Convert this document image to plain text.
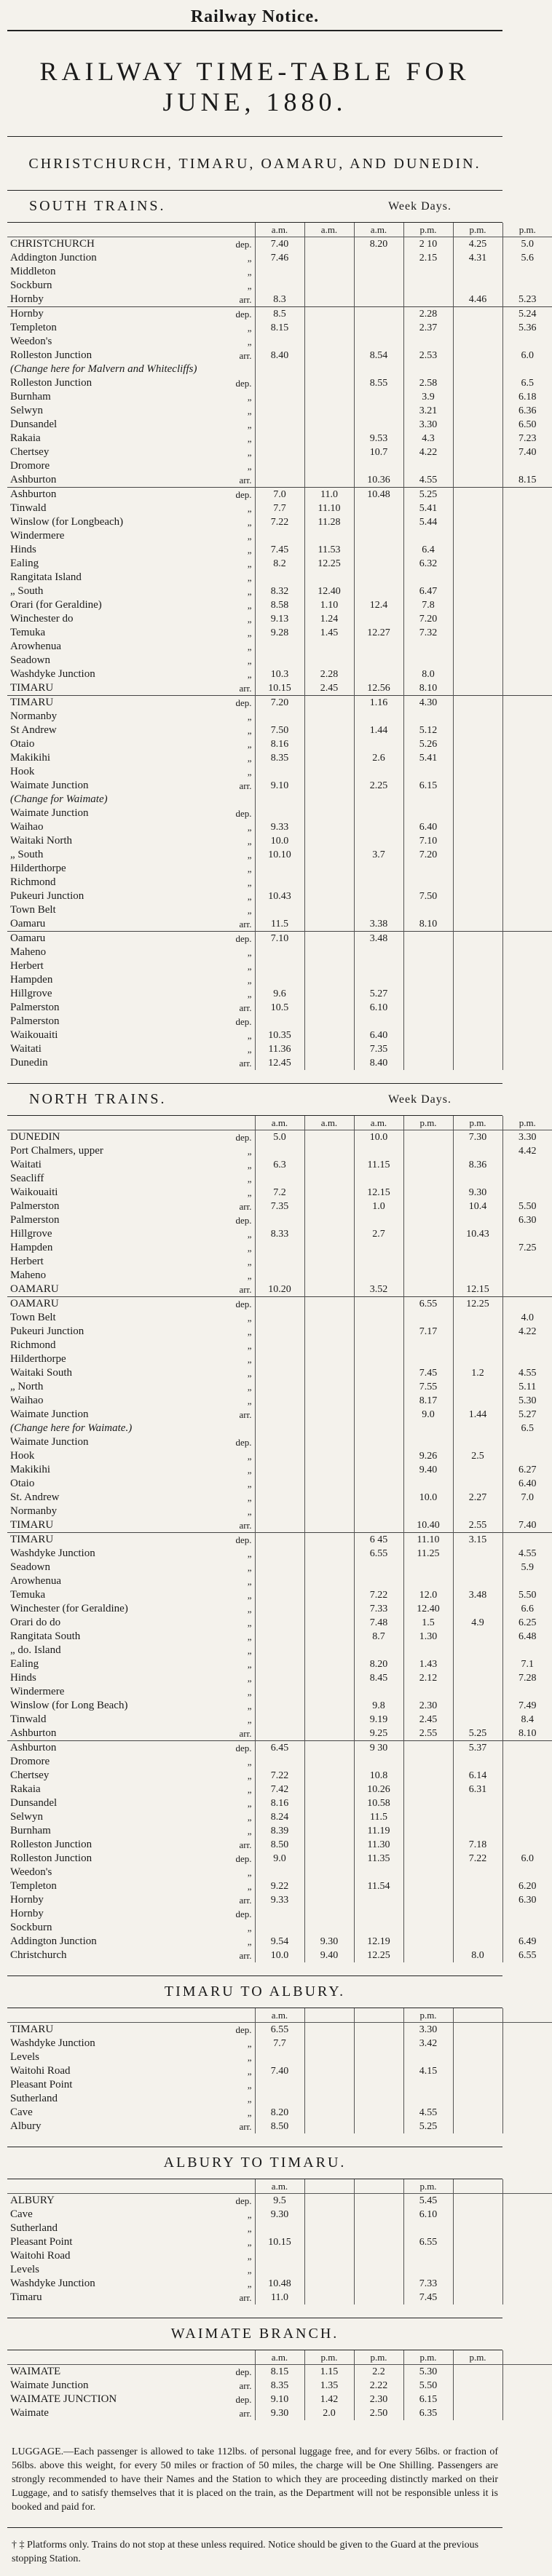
Railway Notice.
RAILWAY TIME-TABLE FOR JUNE, 1880.
CHRISTCHURCH, TIMARU, OAMARU, AND DUNEDIN.
SOUTH TRAINS.	Week Days.
		a.m.	a.m.	a.m.	p.m.	p.m.	p.m.
CHRISTCHURCH	dep.	7.40		8.20	2 10	4.25	5.0
Addington Junction	„	7.46			2.15	4.31	5.6
Middleton	„						
Sockburn	„						
Hornby	arr.	8.3				4.46	5.23
Hornby	dep.	8.5			2.28		5.24
Templeton	„	8.15			2.37		5.36
Weedon's	„						
Rolleston Junction	arr.	8.40		8.54	2.53		6.0
(Change here for Malvern and Whitecliffs)							
Rolleston Junction	dep.			8.55	2.58		6.5
Burnham	„				3.9		6.18
Selwyn	„				3.21		6.36
Dunsandel	„				3.30		6.50
Rakaia	„			9.53	4.3		7.23
Chertsey	„			10.7	4.22		7.40
Dromore	„						
Ashburton	arr.			10.36	4.55		8.15
Ashburton	dep.	7.0	11.0	10.48	5.25		
Tinwald	„	7.7	11.10		5.41		
Winslow (for Longbeach)	„	7.22	11.28		5.44		
Windermere	„						
Hinds	„	7.45	11.53		6.4		
Ealing	„	8.2	12.25		6.32		
Rangitata Island	„						
„ South	„	8.32	12.40		6.47		
Orari (for Geraldine)	„	8.58	1.10	12.4	7.8		
Winchester do	„	9.13	1.24		7.20		
Temuka	„	9.28	1.45	12.27	7.32		
Arowhenua	„						
Seadown	„						
Washdyke Junction	„	10.3	2.28		8.0		
TIMARU	arr.	10.15	2.45	12.56	8.10		
TIMARU	dep.	7.20		1.16	4.30		
Normanby	„						
St Andrew	„	7.50		1.44	5.12		
Otaio	„	8.16			5.26		
Makikihi	„	8.35		2.6	5.41		
Hook	„						
Waimate Junction	arr.	9.10		2.25	6.15		
(Change for Waimate)							
Waimate Junction	dep.						
Waihao	„	9.33			6.40		
Waitaki North	„	10.0			7.10		
„ South	„	10.10		3.7	7.20		
Hilderthorpe	„						
Richmond	„						
Pukeuri Junction	„	10.43			7.50		
Town Belt	„						
Oamaru	arr.	11.5		3.38	8.10		
Oamaru	dep.	7.10		3.48			
Maheno	„						
Herbert	„						
Hampden	„						
Hillgrove	„	9.6		5.27			
Palmerston	arr.	10.5		6.10			
Palmerston	dep.						
Waikouaiti	„	10.35		6.40			
Waitati	„	11.36		7.35			
Dunedin	arr.	12.45		8.40			
NORTH TRAINS.	Week Days.
		a.m.	a.m.	a.m.	p.m.	p.m.	p.m.
DUNEDIN	dep.	5.0		10.0		7.30	3.30
Port Chalmers, upper	„						4.42
Waitati	„	6.3		11.15		8.36	
Seacliff	„						
Waikouaiti	„	7.2		12.15		9.30	
Palmerston	arr.	7.35		1.0		10.4	5.50
Palmerston	dep.						6.30
Hillgrove	„	8.33		2.7		10.43	
Hampden	„						7.25
Herbert	„						
Maheno	„						
OAMARU	arr.	10.20		3.52		12.15	
OAMARU	dep.				6.55	12.25	
Town Belt	„						4.0
Pukeuri Junction	„				7.17		4.22
Richmond	„						
Hilderthorpe	„						
Waitaki South	„				7.45	1.2	4.55
„ North	„				7.55		5.11
Waihao	„				8.17		5.30
Waimate Junction	arr.				9.0	1.44	5.27
(Change here for Waimate.)							6.5
Waimate Junction	dep.						
Hook	„				9.26	2.5	
Makikihi	„				9.40		6.27
Otaio	„						6.40
St. Andrew	„				10.0	2.27	7.0
Normanby	„						
TIMARU	arr.				10.40	2.55	7.40
TIMARU	dep.			6 45	11.10	3.15	
Washdyke Junction	„			6.55	11.25		4.55
Seadown	„						5.9
Arowhenua	„						
Temuka	„			7.22	12.0	3.48	5.50
Winchester (for Geraldine)	„			7.33	12.40		6.6
Orari do do	„			7.48	1.5	4.9	6.25
Rangitata South	„			8.7	1.30		6.48
„ do. Island	„						
Ealing	„			8.20	1.43		7.1
Hinds	„			8.45	2.12		7.28
Windermere	„						
Winslow (for Long Beach)	„			9.8	2.30		7.49
Tinwald	„			9.19	2.45		8.4
Ashburton	arr.			9.25	2.55	5.25	8.10
Ashburton	dep.	6.45		9 30		5.37	
Dromore	„						
Chertsey	„	7.22		10.8		6.14	
Rakaia	„	7.42		10.26		6.31	
Dunsandel	„	8.16		10.58			
Selwyn	„	8.24		11.5			
Burnham	„	8.39		11.19			
Rolleston Junction	arr.	8.50		11.30		7.18	
Rolleston Junction	dep.	9.0		11.35		7.22	6.0
Weedon's	„						
Templeton	„	9.22		11.54			6.20
Hornby	arr.	9.33					6.30
Hornby	dep.						
Sockburn	„						
Addington Junction	„	9.54	9.30	12.19			6.49
Christchurch	arr.	10.0	9.40	12.25		8.0	6.55
TIMARU TO ALBURY.
		a.m.			p.m.		
TIMARU	dep.	6.55			3.30		
Washdyke Junction	„	7.7			3.42		
Levels	„						
Waitohi Road	„	7.40			4.15		
Pleasant Point	„						
Sutherland	„						
Cave	„	8.20			4.55		
Albury	arr.	8.50			5.25		
ALBURY TO TIMARU.
		a.m.			p.m.		
ALBURY	dep.	9.5			5.45		
Cave	„	9.30			6.10		
Sutherland	„						
Pleasant Point	„	10.15			6.55		
Waitohi Road	„						
Levels	„						
Washdyke Junction	„	10.48			7.33		
Timaru	arr.	11.0			7.45		
WAIMATE BRANCH.
		a.m.	p.m.	p.m.	p.m.	p.m.	
WAIMATE	dep.	8.15	1.15	2.2	5.30		
Waimate Junction	arr.	8.35	1.35	2.22	5.50		
WAIMATE JUNCTION	dep.	9.10	1.42	2.30	6.15		
Waimate	arr.	9.30	2.0	2.50	6.35		
LUGGAGE.—Each passenger is allowed to take 112lbs. of personal luggage free, and for every 56lbs. or fraction of 56lbs. above this weight, for every 50 miles or fraction of 50 miles, the charge will be One Shilling. Passengers are strongly recommended to have their Names and the Station to which they are proceeding distinctly marked on their Luggage, and to satisfy themselves that it is placed on the train, as the Department will not be responsible unless it is booked and paid for.
† ‡ Platforms only. Trains do not stop at these unless required. Notice should be given to the Guard at the previous stopping Station.
